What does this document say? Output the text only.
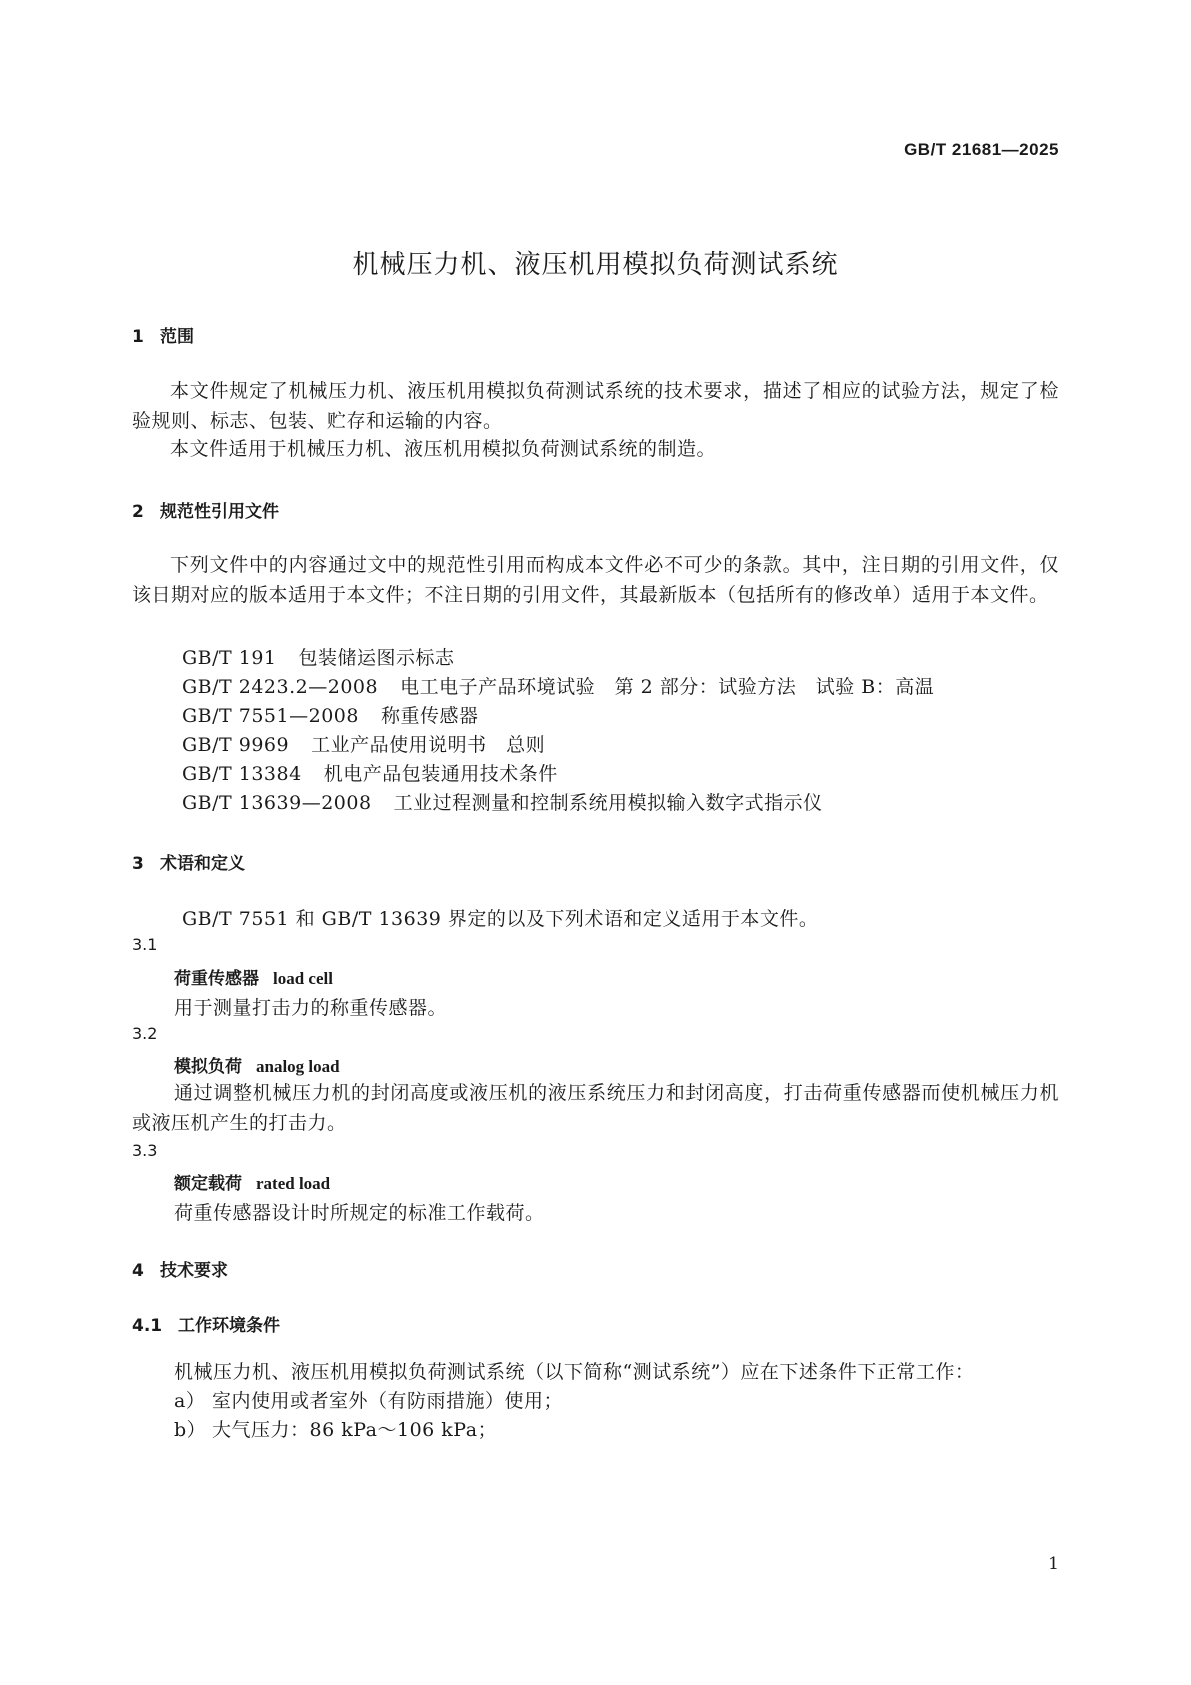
GB/T 21681—2025
机械压力机、液压机用模拟负荷测试系统
1 范围
本文件规定了机械压力机、液压机用模拟负荷测试系统的技术要求，描述了相应的试验方法，规定了检验规则、标志、包装、贮存和运输的内容。
本文件适用于机械压力机、液压机用模拟负荷测试系统的制造。
2 规范性引用文件
下列文件中的内容通过文中的规范性引用而构成本文件必不可少的条款。其中，注日期的引用文件，仅该日期对应的版本适用于本文件；不注日期的引用文件，其最新版本（包括所有的修改单）适用于本文件。
GB/T 191 包装储运图示标志
GB/T 2423.2—2008 电工电子产品环境试验　第 2 部分：试验方法　试验 B：高温
GB/T 7551—2008 称重传感器
GB/T 9969 工业产品使用说明书　总则
GB/T 13384 机电产品包装通用技术条件
GB/T 13639—2008 工业过程测量和控制系统用模拟输入数字式指示仪
3 术语和定义
GB/T 7551 和 GB/T 13639 界定的以及下列术语和定义适用于本文件。
3.1
荷重传感器 load cell
用于测量打击力的称重传感器。
3.2
模拟负荷 analog load
通过调整机械压力机的封闭高度或液压机的液压系统压力和封闭高度，打击荷重传感器而使机械压力机或液压机产生的打击力。
3.3
额定载荷 rated load
荷重传感器设计时所规定的标准工作载荷。
4 技术要求
4.1 工作环境条件
机械压力机、液压机用模拟负荷测试系统（以下简称“测试系统”）应在下述条件下正常工作：
a） 室内使用或者室外（有防雨措施）使用；
b） 大气压力：86 kPa～106 kPa；
1
